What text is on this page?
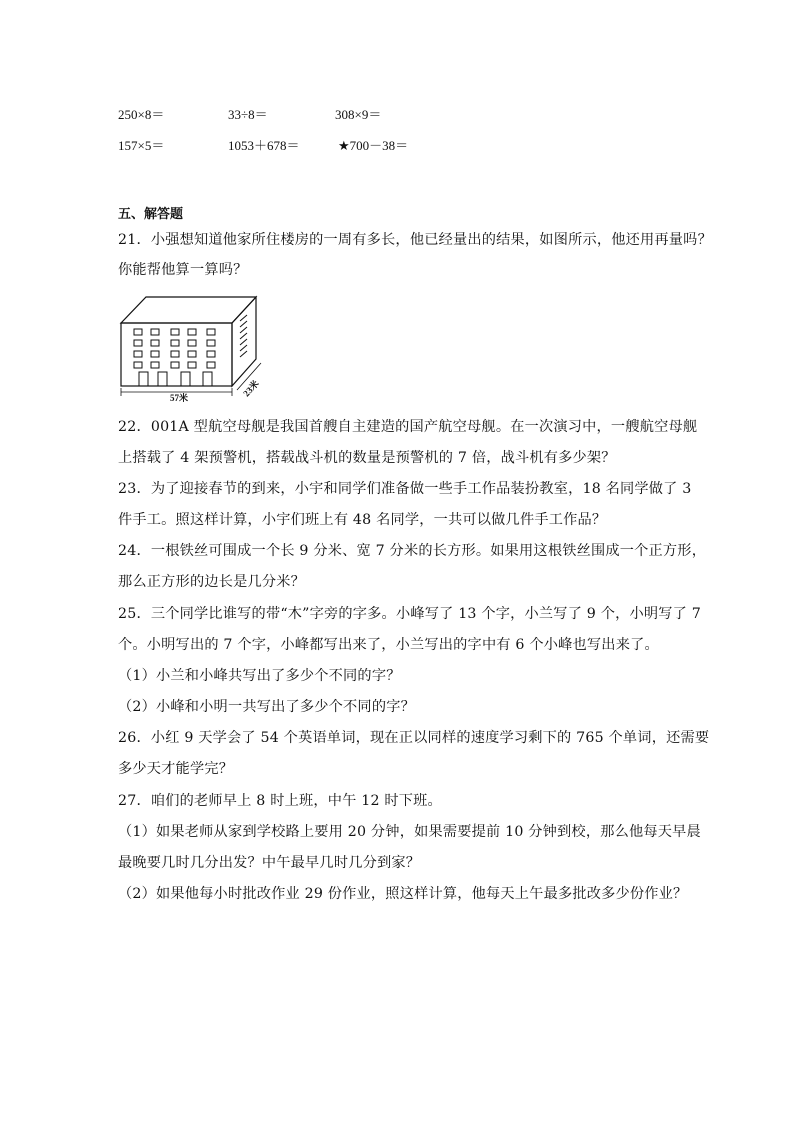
250×8＝	33÷8＝	308×9＝
157×5＝	1053＋678＝	★700－38＝
五、解答题
21．小强想知道他家所住楼房的一周有多长，他已经量出的结果，如图所示，他还用再量吗？
你能帮他算一算吗？
57米	23米
22．001A 型航空母舰是我国首艘自主建造的国产航空母舰。在一次演习中，一艘航空母舰
上搭载了 4 架预警机，搭载战斗机的数量是预警机的 7 倍，战斗机有多少架？
23．为了迎接春节的到来，小宇和同学们准备做一些手工作品装扮教室，18 名同学做了 3
件手工。照这样计算，小宇们班上有 48 名同学，一共可以做几件手工作品？
24．一根铁丝可围成一个长 9 分米、宽 7 分米的长方形。如果用这根铁丝围成一个正方形，
那么正方形的边长是几分米？
25．三个同学比谁写的带“木”字旁的字多。小峰写了 13 个字，小兰写了 9 个，小明写了 7
个。小明写出的 7 个字，小峰都写出来了，小兰写出的字中有 6 个小峰也写出来了。
（1）小兰和小峰共写出了多少个不同的字？
（2）小峰和小明一共写出了多少个不同的字？
26．小红 9 天学会了 54 个英语单词，现在正以同样的速度学习剩下的 765 个单词，还需要
多少天才能学完？
27．咱们的老师早上 8 时上班，中午 12 时下班。
（1）如果老师从家到学校路上要用 20 分钟，如果需要提前 10 分钟到校，那么他每天早晨
最晚要几时几分出发？中午最早几时几分到家？
（2）如果他每小时批改作业 29 份作业，照这样计算，他每天上午最多批改多少份作业？
